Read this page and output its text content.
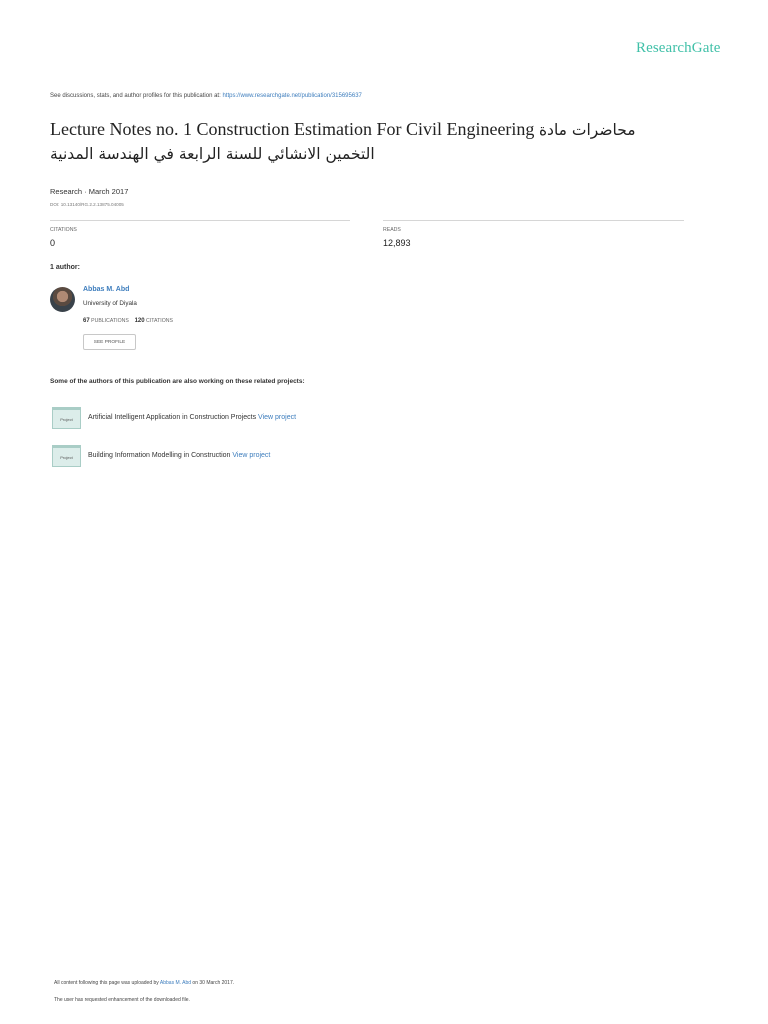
ResearchGate
See discussions, stats, and author profiles for this publication at: https://www.researchgate.net/publication/315695637
Lecture Notes no. 1 Construction Estimation For Civil Engineering محاضرات مادة
التخمين الانشائي للسنة الرابعة في الهندسة المدنية
Research · March 2017
DOI: 10.13140/RG.2.2.13875.04005
CITATIONS
0
READS
12,893
1 author:
Abbas M. Abd
University of Diyala
67 PUBLICATIONS 120 CITATIONS
SEE PROFILE
Some of the authors of this publication are also working on these related projects:
Project Artificial Intelligent Application in Construction Projects View project
Project Building Information Modelling in Construction View project
All content following this page was uploaded by Abbas M. Abd on 30 March 2017.
The user has requested enhancement of the downloaded file.
